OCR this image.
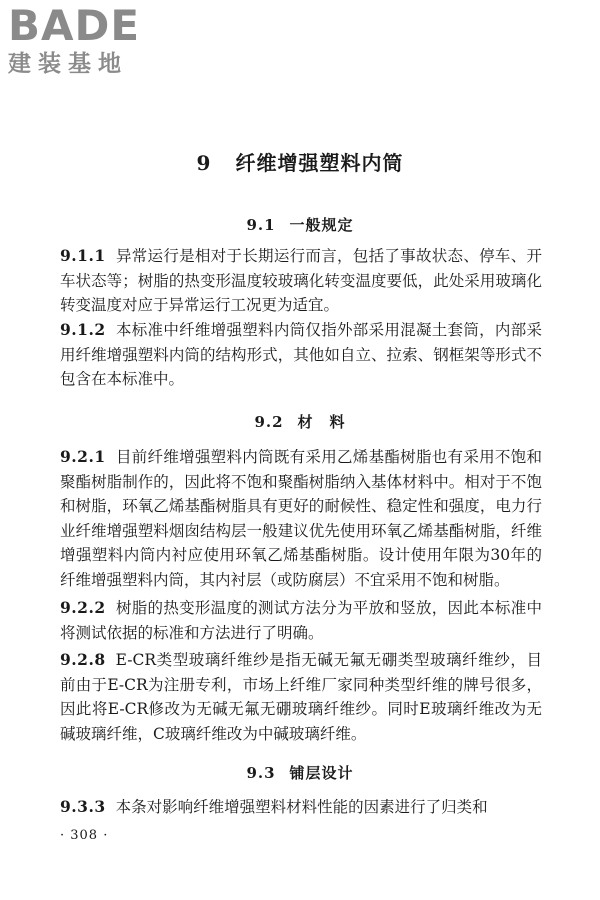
BADE
建装基地
9 纤维增强塑料内筒
9.1 一般规定

9.1.1 异常运行是相对于长期运行而言，包括了事故状态、停车、开车状态等；树脂的热变形温度较玻璃化转变温度要低，此处采用玻璃化转变温度对应于异常运行工况更为适宜。

9.1.2 本标准中纤维增强塑料内筒仅指外部采用混凝土套筒，内部采用纤维增强塑料内筒的结构形式，其他如自立、拉索、钢框架等形式不包含在本标准中。

9.2 材　料

9.2.1 目前纤维增强塑料内筒既有采用乙烯基酯树脂也有采用不饱和聚酯树脂制作的，因此将不饱和聚酯树脂纳入基体材料中。相对于不饱和树脂，环氧乙烯基酯树脂具有更好的耐候性、稳定性和强度，电力行业纤维增强塑料烟囱结构层一般建议优先使用环氧乙烯基酯树脂，纤维增强塑料内筒内衬应使用环氧乙烯基酯树脂。设计使用年限为30年的纤维增强塑料内筒，其内衬层（或防腐层）不宜采用不饱和树脂。

9.2.2 树脂的热变形温度的测试方法分为平放和竖放，因此本标准中将测试依据的标准和方法进行了明确。

9.2.8 E-CR类型玻璃纤维纱是指无碱无氟无硼类型玻璃纤维纱，目前由于E-CR为注册专利，市场上纤维厂家同种类型纤维的牌号很多，因此将E-CR修改为无碱无氟无硼玻璃纤维纱。同时E玻璃纤维改为无碱玻璃纤维，C玻璃纤维改为中碱玻璃纤维。

9.3 铺层设计

9.3.3 本条对影响纤维增强塑料材料性能的因素进行了归类和

· 308 ·
